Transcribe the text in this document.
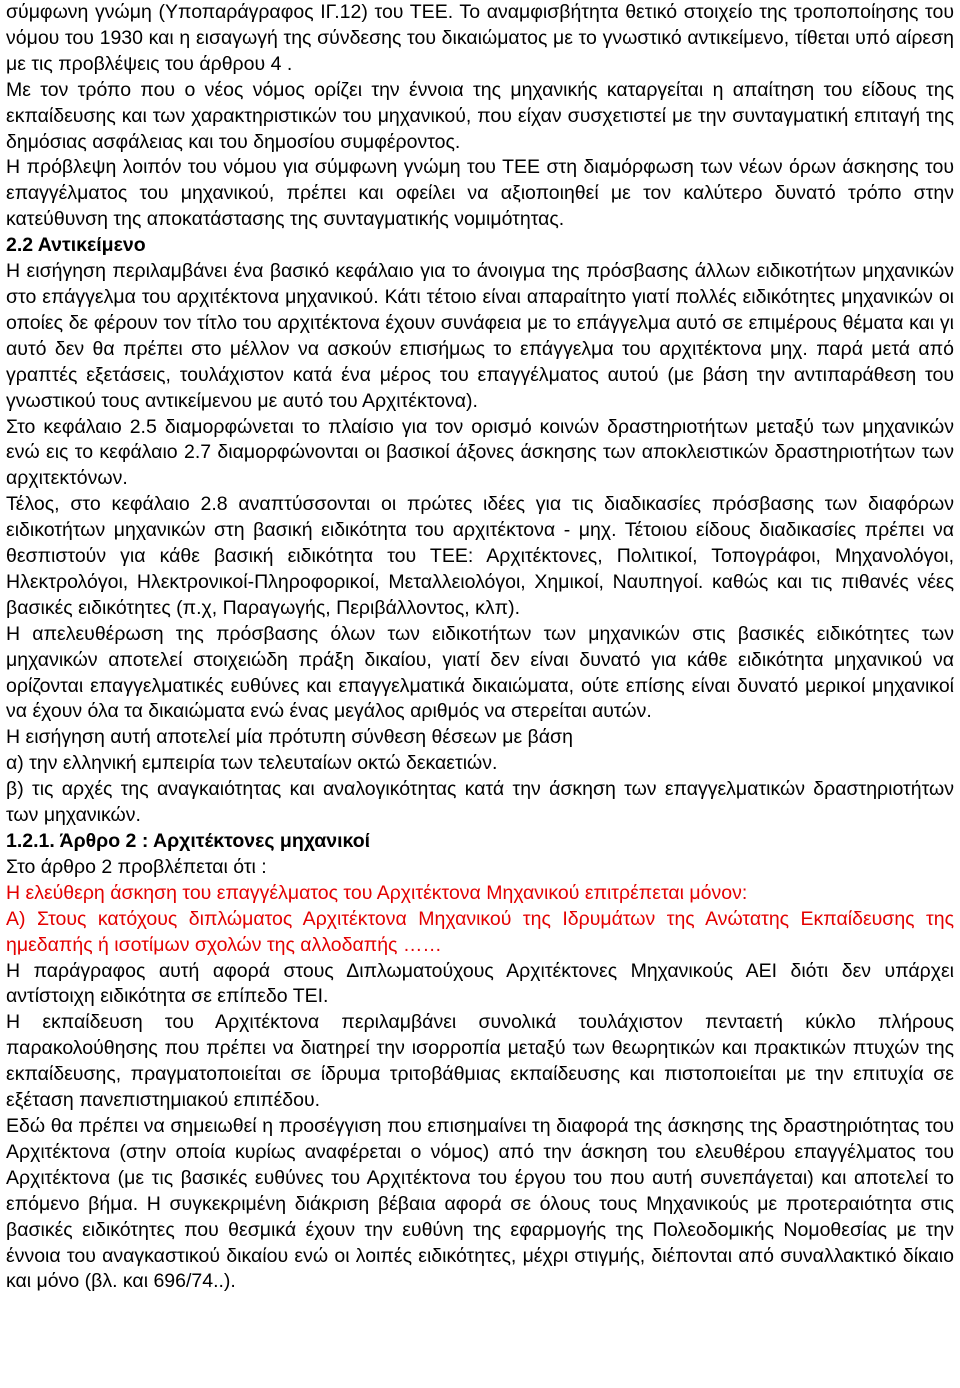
σύμφωνη γνώμη (Υποπαράγραφος ΙΓ.12) του ΤΕΕ. Το αναμφισβήτητα θετικό στοιχείο της τροποποίησης του νόμου του 1930 και η εισαγωγή της σύνδεσης του δικαιώματος με το γνωστικό αντικείμενο, τίθεται υπό αίρεση με τις προβλέψεις του άρθρου 4 .

Με τον τρόπο που ο νέος νόμος ορίζει την έννοια της μηχανικής καταργείται η απαίτηση του είδους της εκπαίδευσης και των χαρακτηριστικών του μηχανικού, που είχαν συσχετιστεί με την συνταγματική επιταγή της δημόσιας ασφάλειας και του δημοσίου συμφέροντος.

Η πρόβλεψη λοιπόν του νόμου για σύμφωνη γνώμη του ΤΕΕ στη διαμόρφωση των νέων όρων άσκησης του επαγγέλματος του μηχανικού, πρέπει και οφείλει να αξιοποιηθεί με τον καλύτερο δυνατό τρόπο στην κατεύθυνση της αποκατάστασης της συνταγματικής νομιμότητας.

2.2 Αντικείμενο

Η εισήγηση περιλαμβάνει ένα βασικό κεφάλαιο για το άνοιγμα της πρόσβασης άλλων ειδικοτήτων μηχανικών στο επάγγελμα του αρχιτέκτονα μηχανικού. Κάτι τέτοιο είναι απαραίτητο γιατί πολλές ειδικότητες μηχανικών οι οποίες δε φέρουν τον τίτλο του αρχιτέκτονα έχουν συνάφεια με το επάγγελμα αυτό σε επιμέρους θέματα και γι αυτό δεν θα πρέπει στο μέλλον να ασκούν επισήμως το επάγγελμα του αρχιτέκτονα μηχ. παρά μετά από γραπτές εξετάσεις, τουλάχιστον κατά ένα μέρος του επαγγέλματος αυτού (με βάση την αντιπαράθεση του γνωστικού τους αντικείμενου με αυτό του Αρχιτέκτονα).

Στο κεφάλαιο 2.5 διαμορφώνεται το πλαίσιο για τον ορισμό κοινών δραστηριοτήτων μεταξύ των μηχανικών ενώ εις το κεφάλαιο 2.7 διαμορφώνονται οι βασικοί άξονες άσκησης των αποκλειστικών δραστηριοτήτων των αρχιτεκτόνων.

Τέλος, στο κεφάλαιο 2.8 αναπτύσσονται οι πρώτες ιδέες για τις διαδικασίες πρόσβασης των διαφόρων ειδικοτήτων μηχανικών στη βασική ειδικότητα του αρχιτέκτονα - μηχ. Τέτοιου είδους διαδικασίες πρέπει να θεσπιστούν για κάθε βασική ειδικότητα του ΤΕΕ: Αρχιτέκτονες, Πολιτικοί, Τοπογράφοι, Μηχανολόγοι, Ηλεκτρολόγοι, Ηλεκτρονικοί-Πληροφορικοί, Μεταλλειολόγοι, Χημικοί, Ναυπηγοί. καθώς και τις πιθανές νέες βασικές ειδικότητες (π.χ, Παραγωγής, Περιβάλλοντος, κλπ).

Η απελευθέρωση της πρόσβασης όλων των ειδικοτήτων των μηχανικών στις βασικές ειδικότητες των μηχανικών αποτελεί στοιχειώδη πράξη δικαίου, γιατί δεν είναι δυνατό για κάθε ειδικότητα μηχανικού να ορίζονται επαγγελματικές ευθύνες και επαγγελματικά δικαιώματα, ούτε επίσης είναι δυνατό μερικοί μηχανικοί να έχουν όλα τα δικαιώματα ενώ ένας μεγάλος αριθμός να στερείται αυτών.

Η εισήγηση αυτή αποτελεί μία πρότυπη σύνθεση θέσεων με βάση

α) την ελληνική εμπειρία των τελευταίων οκτώ δεκαετιών.

β) τις αρχές της αναγκαιότητας και αναλογικότητας κατά την άσκηση των επαγγελματικών δραστηριοτήτων των μηχανικών.

1.2.1. Άρθρο 2 : Αρχιτέκτονες μηχανικοί

Στο άρθρο 2 προβλέπεται ότι :

Η ελεύθερη άσκηση του επαγγέλματος του Αρχιτέκτονα Μηχανικού επιτρέπεται μόνον:

Α) Στους κατόχους διπλώματος Αρχιτέκτονα Μηχανικού της Ιδρυμάτων της Ανώτατης Εκπαίδευσης της ημεδαπής ή ισοτίμων σχολών της αλλοδαπής ……

Η παράγραφος αυτή αφορά στους Διπλωματούχους Αρχιτέκτονες Μηχανικούς ΑΕΙ διότι δεν υπάρχει αντίστοιχη ειδικότητα σε επίπεδο ΤΕΙ.

Η εκπαίδευση του Αρχιτέκτονα περιλαμβάνει συνολικά τουλάχιστον πενταετή κύκλο πλήρους παρακολούθησης που πρέπει να διατηρεί την ισορροπία μεταξύ των θεωρητικών και πρακτικών πτυχών της εκπαίδευσης, πραγματοποιείται σε ίδρυμα τριτοβάθμιας εκπαίδευσης και πιστοποιείται με την επιτυχία σε εξέταση πανεπιστημιακού επιπέδου.

Εδώ θα πρέπει να σημειωθεί η προσέγγιση που επισημαίνει τη διαφορά της άσκησης της δραστηριότητας του Αρχιτέκτονα (στην οποία κυρίως αναφέρεται ο νόμος) από την άσκηση του ελευθέρου επαγγέλματος του Αρχιτέκτονα (με τις βασικές ευθύνες του Αρχιτέκτονα του έργου του που αυτή συνεπάγεται) και αποτελεί το επόμενο βήμα. Η συγκεκριμένη διάκριση βέβαια αφορά σε όλους τους Μηχανικούς με προτεραιότητα στις βασικές ειδικότητες που θεσμικά έχουν την ευθύνη της εφαρμογής της Πολεοδομικής Νομοθεσίας με την έννοια του αναγκαστικού δικαίου ενώ οι λοιπές ειδικότητες, μέχρι στιγμής, διέπονται από συναλλακτικό δίκαιο και μόνο (βλ. και 696/74..).
